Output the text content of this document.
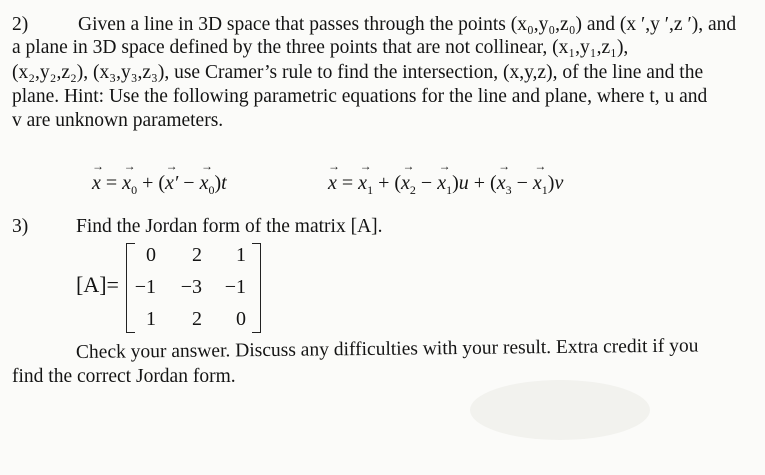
2)	Given a line in 3D space that passes through the points (x₀,y₀,z₀) and (x ′,y ′,z ′), and
a plane in 3D space defined by the three points that are not collinear, (x₁,y₁,z₁),
(x₂,y₂,z₂), (x₃,y₃,z₃), use Cramer’s rule to find the intersection, (x,y,z), of the line and the
plane. Hint: Use the following parametric equations for the line and plane, where t, u and
v are unknown parameters.
→ x = → $x_0$ + (→ x′ − → $x_0)t$
→	x = → $x_1$ + (→ $x_2$ − → $x_1)u$ + (→ $x_3$ − → $x_1)v$
3) Find the Jordan form of the matrix [A].
[A]=
0	2	1
−1	−3	−1
1	2	0
Check your answer. Discuss any difficulties with your result. Extra credit if you
find the correct Jordan form.
